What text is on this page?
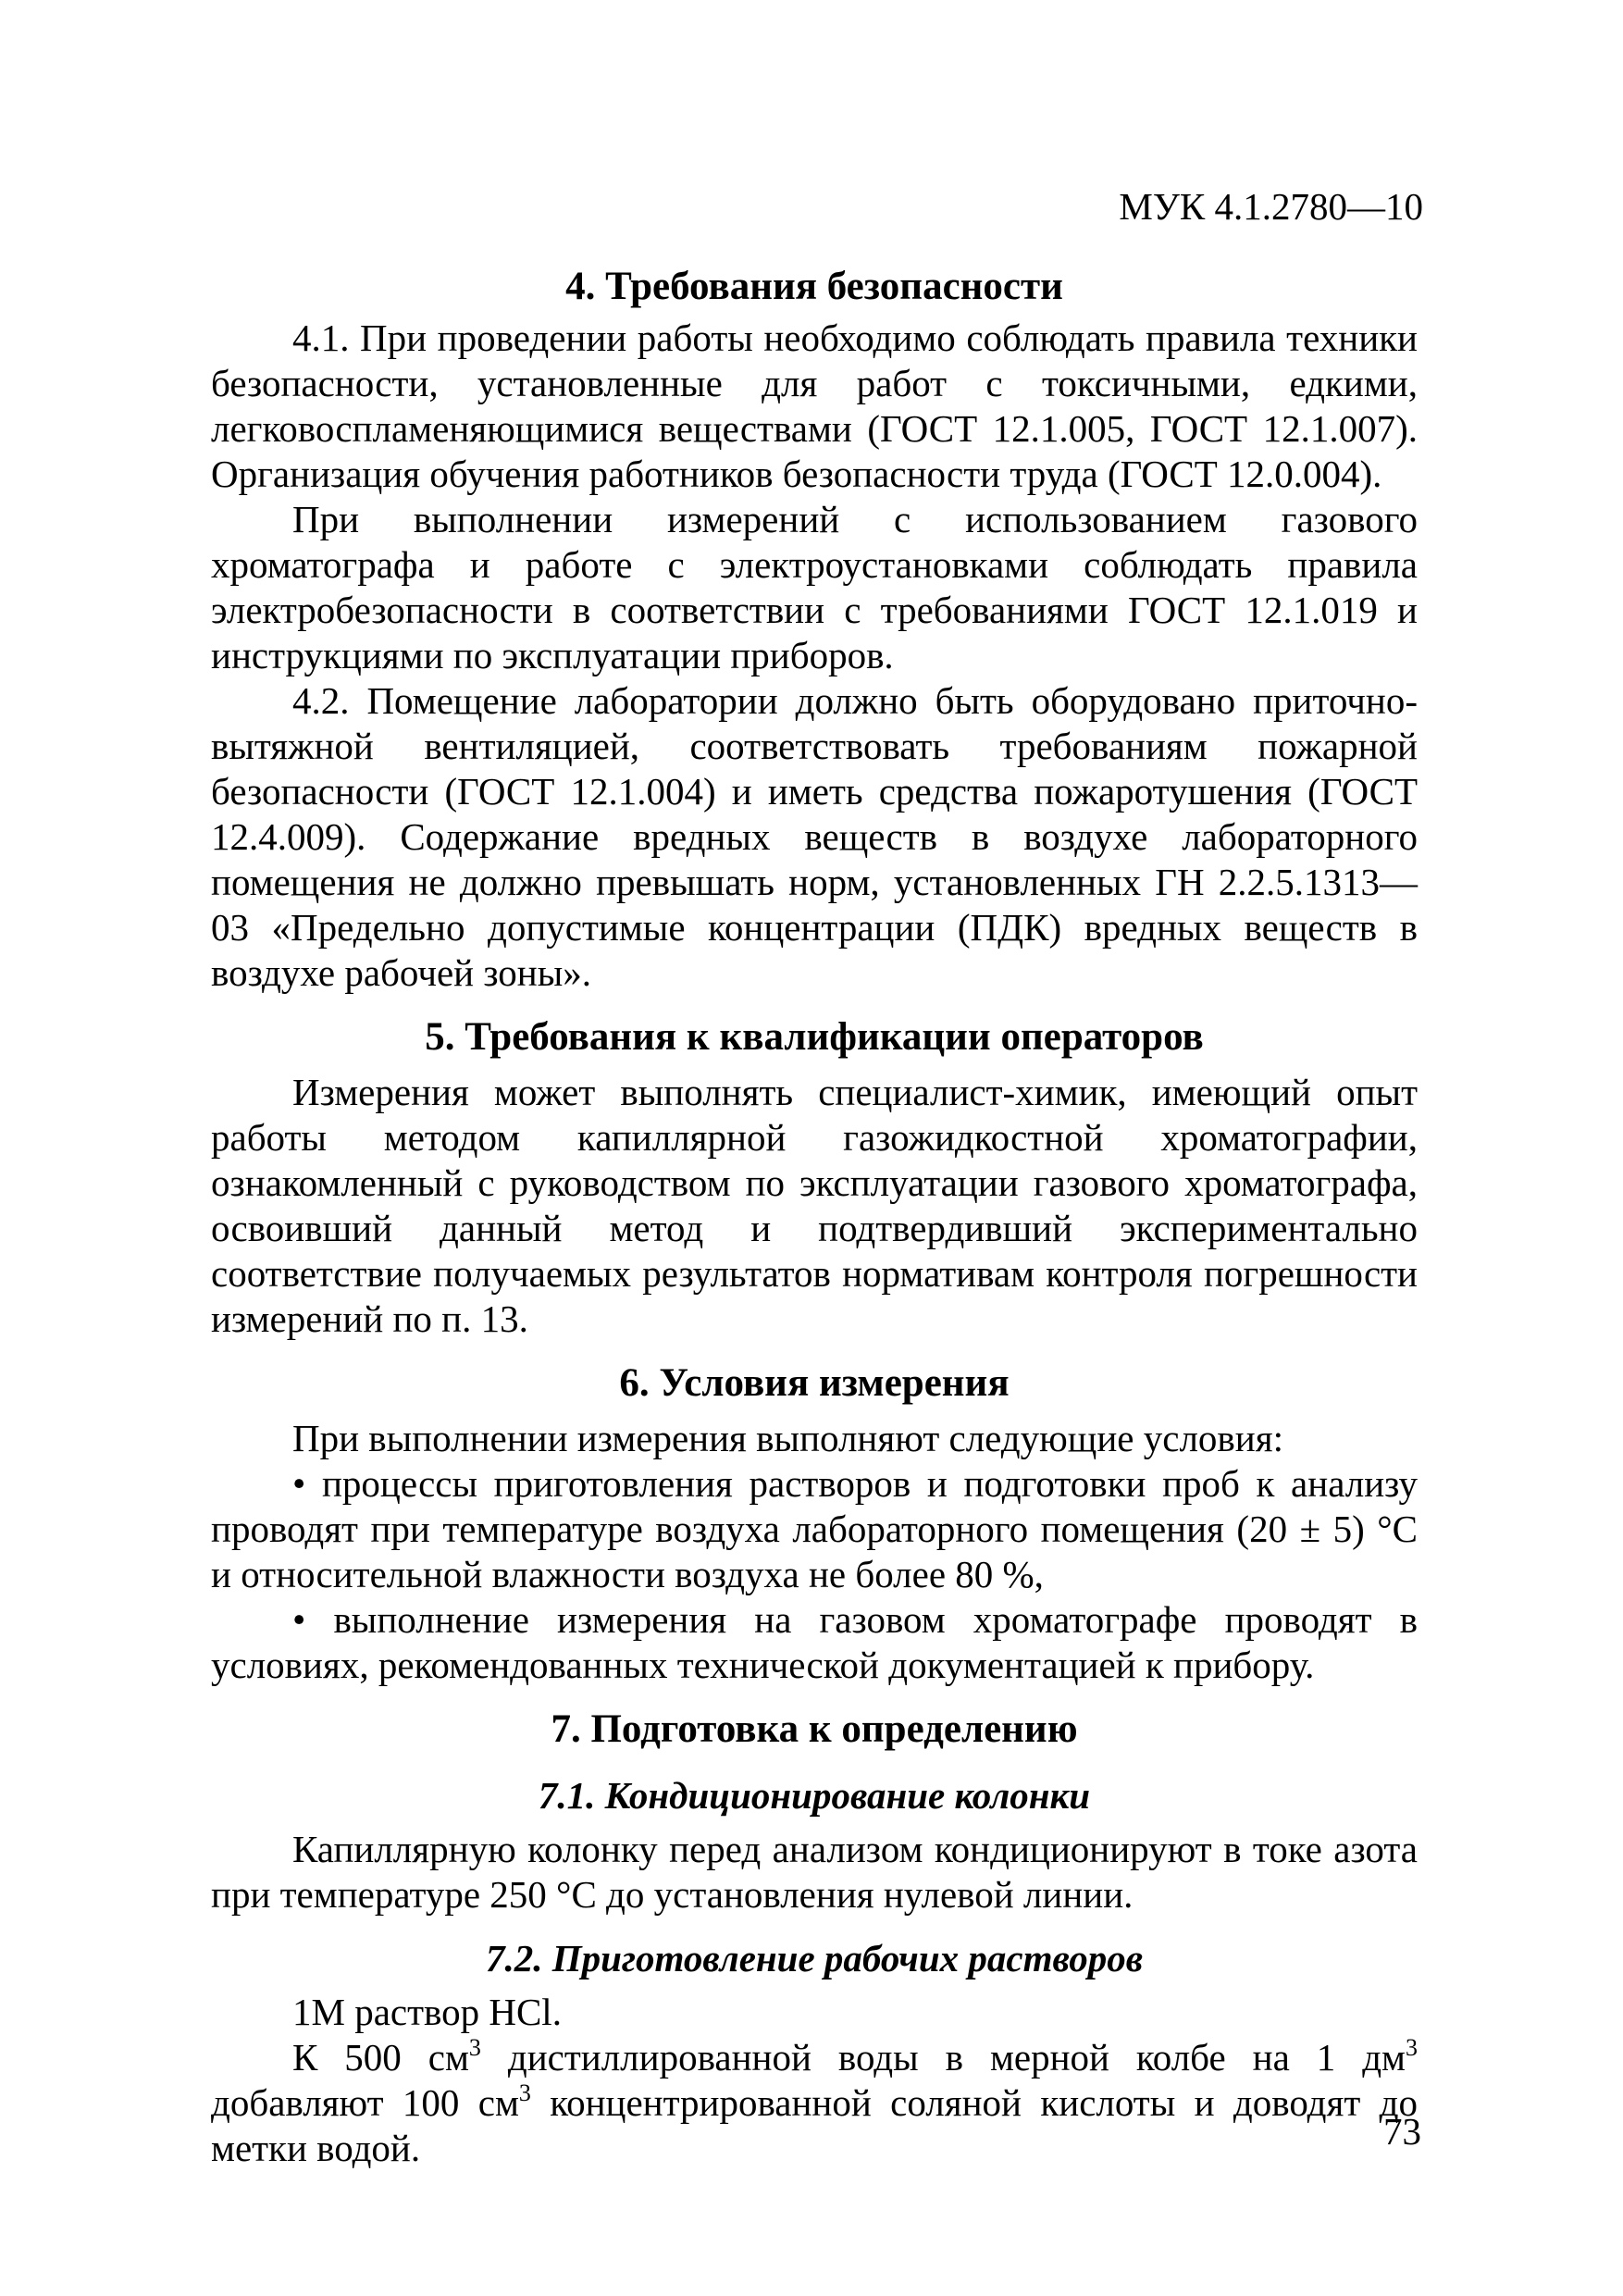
МУК 4.1.2780—10
4. Требования безопасности

4.1. При проведении работы необходимо соблюдать правила техники безопасности, установленные для работ с токсичными, едкими, легковоспламеняющимися веществами (ГОСТ 12.1.005, ГОСТ 12.1.007). Организация обучения работников безопасности труда (ГОСТ 12.0.004).

При выполнении измерений с использованием газового хроматографа и работе с электроустановками соблюдать правила электробезопасности в соответствии с требованиями ГОСТ 12.1.019 и инструкциями по эксплуатации приборов.

4.2. Помещение лаборатории должно быть оборудовано приточно-вытяжной вентиляцией, соответствовать требованиям пожарной безопасности (ГОСТ 12.1.004) и иметь средства пожаротушения (ГОСТ 12.4.009). Содержание вредных веществ в воздухе лабораторного помещения не должно превышать норм, установленных ГН 2.2.5.1313—03 «Предельно допустимые концентрации (ПДК) вредных веществ в воздухе рабочей зоны».

5. Требования к квалификации операторов

Измерения может выполнять специалист-химик, имеющий опыт работы методом капиллярной газожидкостной хроматографии, ознакомленный с руководством по эксплуатации газового хроматографа, освоивший данный метод и подтвердивший экспериментально соответствие получаемых результатов нормативам контроля погрешности измерений по п. 13.

6. Условия измерения

При выполнении измерения выполняют следующие условия:

• процессы приготовления растворов и подготовки проб к анализу проводят при температуре воздуха лабораторного помещения (20 ± 5) °С и относительной влажности воздуха не более 80 %,

• выполнение измерения на газовом хроматографе проводят в условиях, рекомендованных технической документацией к прибору.

7. Подготовка к определению
7.1. Кондиционирование колонки

Капиллярную колонку перед анализом кондиционируют в токе азота при температуре 250 °С до установления нулевой линии.

7.2. Приготовление рабочих растворов

1М раствор HCl.

К 500 $см^3$ дистиллированной воды в мерной колбе на 1 $дм^3$ добавляют 100 $см^3$ концентрированной соляной кислоты и доводят до метки водой.	73
